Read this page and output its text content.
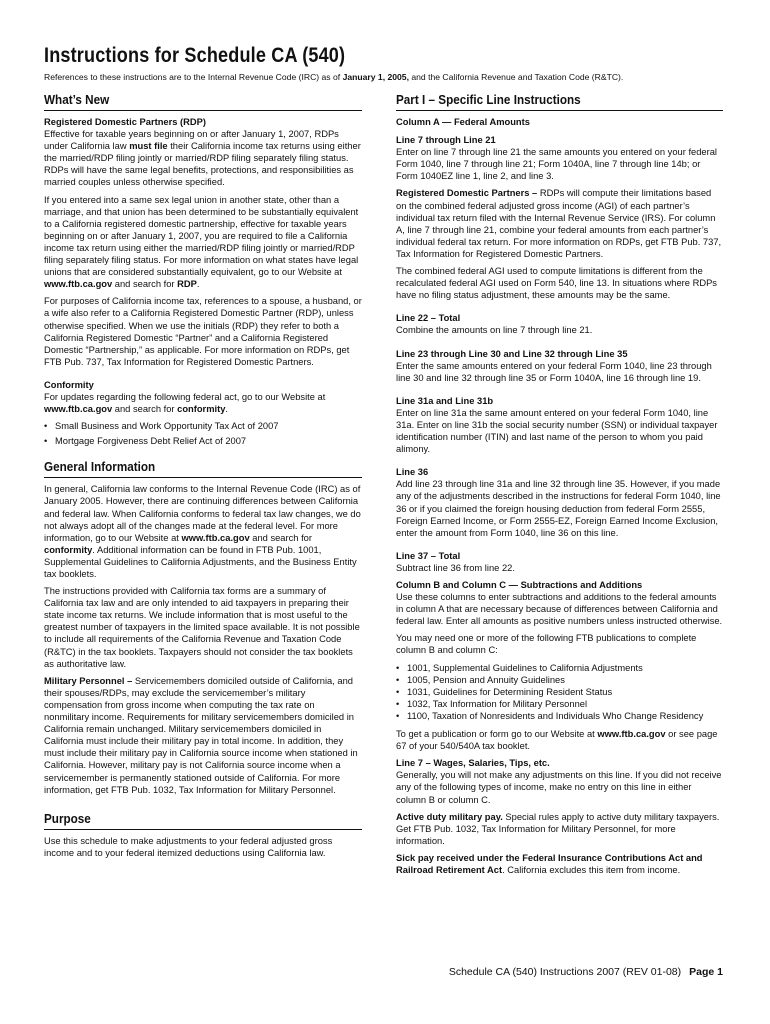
Instructions for Schedule CA (540)
References to these instructions are to the Internal Revenue Code (IRC) as of January 1, 2005, and the California Revenue and Taxation Code (R&TC).
What’s New

Registered Domestic Partners (RDP)

Effective for taxable years beginning on or after January 1, 2007, RDPs under California law must file their California income tax returns using either the married/RDP filing jointly or married/RDP filing separately filing status. RDPs will have the same legal benefits, protections, and responsibilities as married couples unless otherwise specified.

If you entered into a same sex legal union in another state, other than a marriage, and that union has been determined to be substantially equivalent to a California registered domestic partnership, effective for taxable years beginning on or after January 1, 2007, you are required to file a California income tax return using either the married/RDP filing jointly or married/RDP filing separately filing status. For more information on what states have legal unions that are considered substantially equivalent, go to our Website at www.ftb.ca.gov and search for RDP.

For purposes of California income tax, references to a spouse, a husband, or a wife also refer to a California Registered Domestic Partner (RDP), unless otherwise specified. When we use the initials (RDP) they refer to both a California Registered Domestic “Partner” and a California Registered Domestic “Partnership,” as applicable. For more information on RDPs, get FTB Pub. 737, Tax Information for Registered Domestic Partners.

Conformity

For updates regarding the following federal act, go to our Website at www.ftb.ca.gov and search for conformity.

• Small Business and Work Opportunity Tax Act of 2007
• Mortgage Forgiveness Debt Relief Act of 2007
General Information

In general, California law conforms to the Internal Revenue Code (IRC) as of January 2005. However, there are continuing differences between California and federal law. When California conforms to federal tax law changes, we do not always adopt all of the changes made at the federal level. For more information, go to our Website at www.ftb.ca.gov and search for conformity. Additional information can be found in FTB Pub. 1001, Supplemental Guidelines to California Adjustments, and the Business Entity tax booklets.

The instructions provided with California tax forms are a summary of California tax law and are only intended to aid taxpayers in preparing their state income tax returns. We include information that is most useful to the greatest number of taxpayers in the limited space available. It is not possible to include all requirements of the California Revenue and Taxation Code (R&TC) in the tax booklets. Taxpayers should not consider the tax booklets as authoritative law.

Military Personnel – Servicemembers domiciled outside of California, and their spouses/RDPs, may exclude the servicemember’s military compensation from gross income when computing the tax rate on nonmilitary income. Requirements for military servicemembers domiciled in California remain unchanged. Military servicemembers domiciled in California must include their military pay in total income. In addition, they must include their military pay in California source income when stationed in California. However, military pay is not California source income when a servicemember is permanently stationed outside of California. For more information, get FTB Pub. 1032, Tax Information for Military Personnel.

Purpose

Use this schedule to make adjustments to your federal adjusted gross income and to your federal itemized deductions using California law.

Part I – Specific Line Instructions

Column A — Federal Amounts

Line 7 through Line 21

Enter on line 7 through line 21 the same amounts you entered on your federal Form 1040, line 7 through line 21; Form 1040A, line 7 through line 14b; or Form 1040EZ line 1, line 2, and line 3.

Registered Domestic Partners – RDPs will compute their limitations based on the combined federal adjusted gross income (AGI) of each partner’s individual tax return filed with the Internal Revenue Service (IRS). For column A, line 7 through line 21, combine your federal amounts from each partner’s individual federal tax return. For more information on RDPs, get FTB Pub. 737, Tax Information for Registered Domestic Partners.

The combined federal AGI used to compute limitations is different from the recalculated federal AGI used on Form 540, line 13. In situations where RDPs have no filing status adjustment, these amounts may be the same.

Line 22 – Total

Combine the amounts on line 7 through line 21.

Line 23 through Line 30 and Line 32 through Line 35

Enter the same amounts entered on your federal Form 1040, line 23 through line 30 and line 32 through line 35 or Form 1040A, line 16 through line 19.

Line 31a and Line 31b

Enter on line 31a the same amount entered on your federal Form 1040, line 31a. Enter on line 31b the social security number (SSN) or individual taxpayer identification number (ITIN) and last name of the person to whom you paid alimony.

Line 36

Add line 23 through line 31a and line 32 through line 35. However, if you made any of the adjustments described in the instructions for federal Form 1040, line 36 or if you claimed the foreign housing deduction from federal Form 2555, Foreign Earned Income, or Form 2555-EZ, Foreign Earned Income Exclusion, enter the amount from Form 1040, line 36 on this line.

Line 37 – Total

Subtract line 36 from line 22.

Column B and Column C — Subtractions and Additions

Use these columns to enter subtractions and additions to the federal amounts in column A that are necessary because of differences between California and federal law. Enter all amounts as positive numbers unless instructed otherwise.

You may need one or more of the following FTB publications to complete column B and column C:

• 1001, Supplemental Guidelines to California Adjustments
• 1005, Pension and Annuity Guidelines
• 1031, Guidelines for Determining Resident Status
• 1032, Tax Information for Military Personnel
• 1100, Taxation of Nonresidents and Individuals Who Change Residency

To get a publication or form go to our Website at www.ftb.ca.gov or see page 67 of your 540/540A tax booklet.

Line 7 – Wages, Salaries, Tips, etc.

Generally, you will not make any adjustments on this line. If you did not receive any of the following types of income, make no entry on this line in either column B or column C.

Active duty military pay. Special rules apply to active duty military taxpayers. Get FTB Pub. 1032, Tax Information for Military Personnel, for more information.

Sick pay received under the Federal Insurance Contributions Act and Railroad Retirement Act. California excludes this item from income.

Schedule CA (540) Instructions 2007 (REV 01-08) Page 1
